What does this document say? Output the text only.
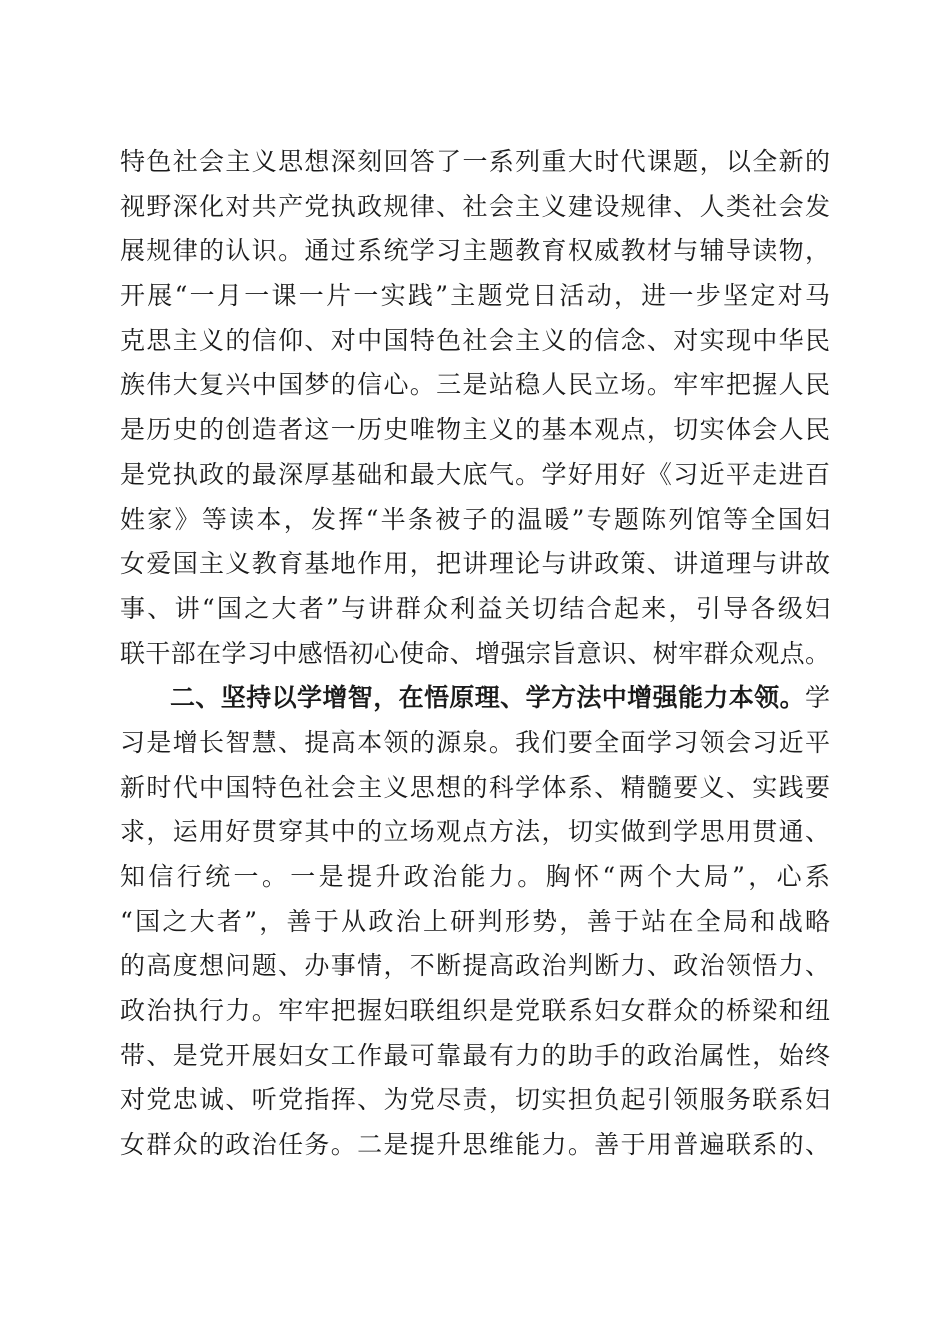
特色社会主义思想深刻回答了一系列重大时代课题，以全新的
视野深化对共产党执政规律、社会主义建设规律、人类社会发
展规律的认识。通过系统学习主题教育权威教材与辅导读物，
开展“一月一课一片一实践”主题党日活动，进一步坚定对马
克思主义的信仰、对中国特色社会主义的信念、对实现中华民
族伟大复兴中国梦的信心。三是站稳人民立场。牢牢把握人民
是历史的创造者这一历史唯物主义的基本观点，切实体会人民
是党执政的最深厚基础和最大底气。学好用好《习近平走进百
姓家》等读本，发挥“半条被子的温暖”专题陈列馆等全国妇
女爱国主义教育基地作用，把讲理论与讲政策、讲道理与讲故
事、讲“国之大者”与讲群众利益关切结合起来，引导各级妇
联干部在学习中感悟初心使命、增强宗旨意识、树牢群众观点。
二、坚持以学增智，在悟原理、学方法中增强能力本领。学
习是增长智慧、提高本领的源泉。我们要全面学习领会习近平
新时代中国特色社会主义思想的科学体系、精髓要义、实践要
求，运用好贯穿其中的立场观点方法，切实做到学思用贯通、
知信行统一。一是提升政治能力。胸怀“两个大局”，心系
“国之大者”，善于从政治上研判形势，善于站在全局和战略
的高度想问题、办事情，不断提高政治判断力、政治领悟力、
政治执行力。牢牢把握妇联组织是党联系妇女群众的桥梁和纽
带、是党开展妇女工作最可靠最有力的助手的政治属性，始终
对党忠诚、听党指挥、为党尽责，切实担负起引领服务联系妇
女群众的政治任务。二是提升思维能力。善于用普遍联系的、
